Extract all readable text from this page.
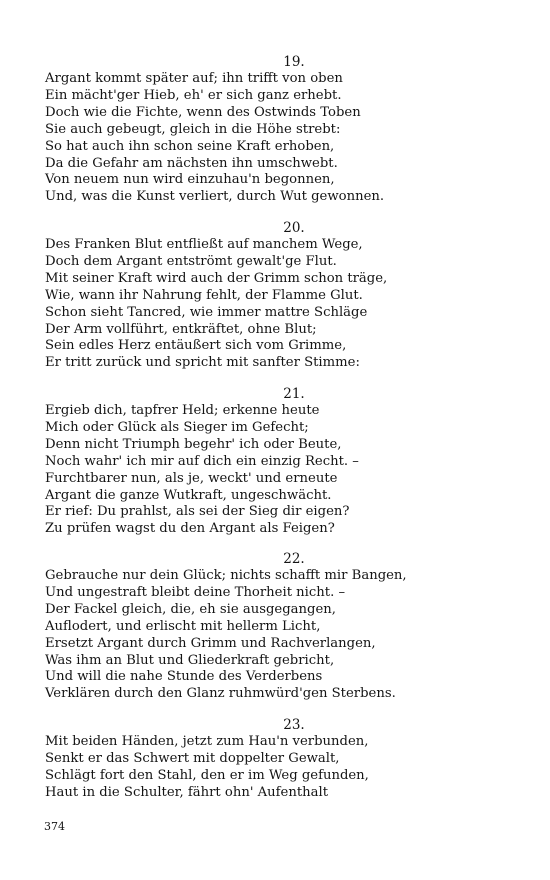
19.
Argant kommt später auf; ihn trifft von oben
Ein mächt'ger Hieb, eh' er sich ganz erhebt.
Doch wie die Fichte, wenn des Ostwinds Toben
Sie auch gebeugt, gleich in die Höhe strebt:
So hat auch ihn schon seine Kraft erhoben,
Da die Gefahr am nächsten ihn umschwebt.
Von neuem nun wird einzuhau'n begonnen,
Und, was die Kunst verliert, durch Wut gewonnen.
20.
Des Franken Blut entfließt auf manchem Wege,
Doch dem Argant entströmt gewalt'ge Flut.
Mit seiner Kraft wird auch der Grimm schon träge,
Wie, wann ihr Nahrung fehlt, der Flamme Glut.
Schon sieht Tancred, wie immer mattre Schläge
Der Arm vollführt, entkräftet, ohne Blut;
Sein edles Herz entäußert sich vom Grimme,
Er tritt zurück und spricht mit sanfter Stimme:
21.
Ergieb dich, tapfrer Held; erkenne heute
Mich oder Glück als Sieger im Gefecht;
Denn nicht Triumph begehr' ich oder Beute,
Noch wahr' ich mir auf dich ein einzig Recht. –
Furchtbarer nun, als je, weckt' und erneute
Argant die ganze Wutkraft, ungeschwächt.
Er rief: Du prahlst, als sei der Sieg dir eigen?
Zu prüfen wagst du den Argant als Feigen?
22.
Gebrauche nur dein Glück; nichts schafft mir Bangen,
Und ungestraft bleibt deine Thorheit nicht. –
Der Fackel gleich, die, eh sie ausgegangen,
Auflodert, und erlischt mit hellerm Licht,
Ersetzt Argant durch Grimm und Rachverlangen,
Was ihm an Blut und Gliederkraft gebricht,
Und will die nahe Stunde des Verderbens
Verklären durch den Glanz ruhmwürd'gen Sterbens.
23.
Mit beiden Händen, jetzt zum Hau'n verbunden,
Senkt er das Schwert mit doppelter Gewalt,
Schlägt fort den Stahl, den er im Weg gefunden,
Haut in die Schulter, fährt ohn' Aufenthalt
374
